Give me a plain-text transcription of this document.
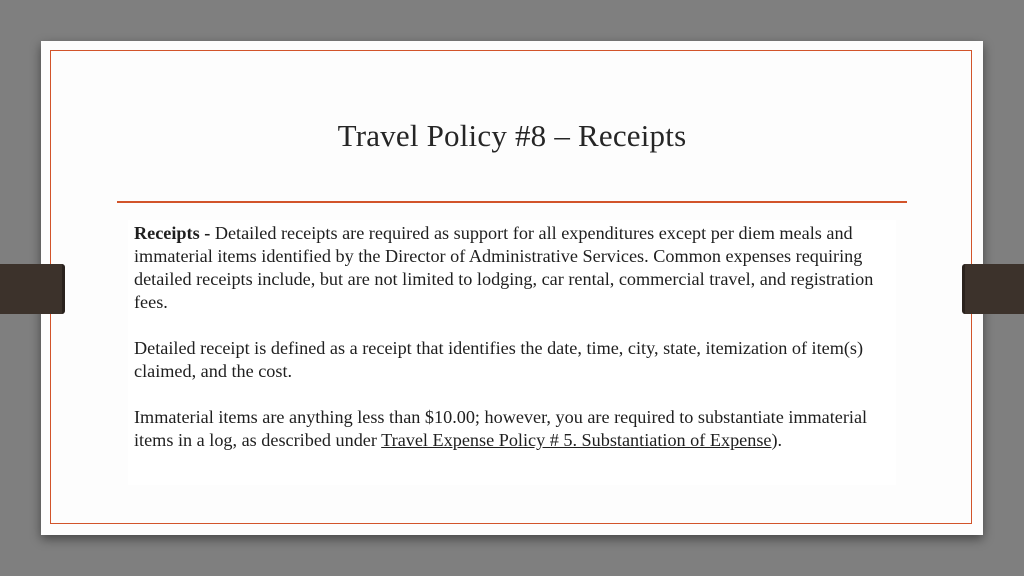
Travel Policy #8 – Receipts

Receipts - Detailed receipts are required as support for all expenditures except per diem meals and immaterial items identified by the Director of Administrative Services. Common expenses requiring detailed receipts include, but are not limited to lodging, car rental, commercial travel, and registration fees.

Detailed receipt is defined as a receipt that identifies the date, time, city, state, itemization of item(s) claimed, and the cost.

Immaterial items are anything less than $10.00; however, you are required to substantiate immaterial items in a log, as described under Travel Expense Policy # 5. Substantiation of Expense).
